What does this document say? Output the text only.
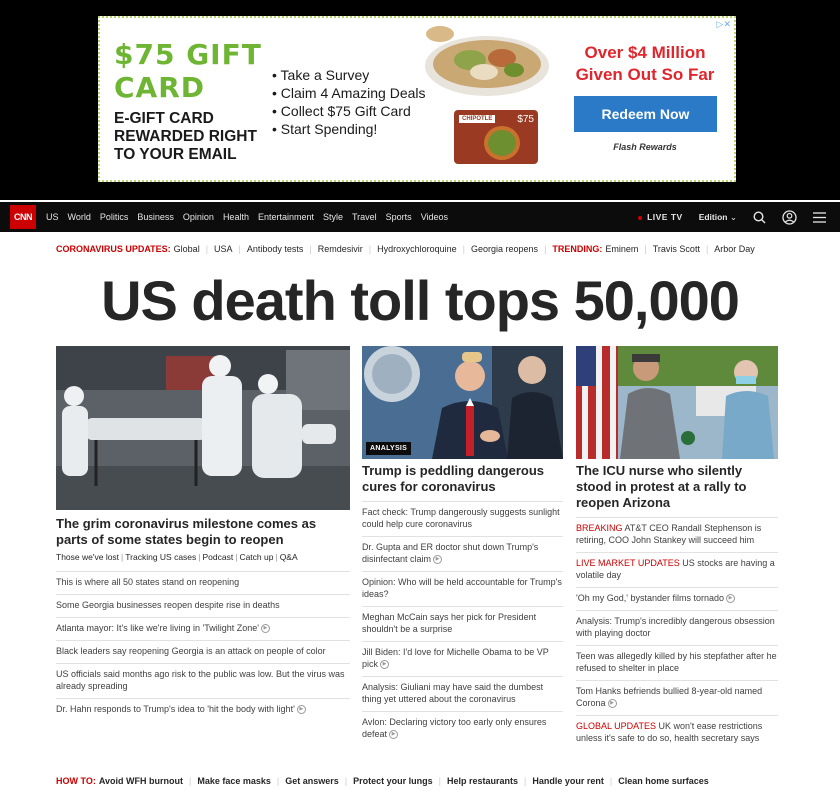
▷✕
$75 GIFT
CARD
E-GIFT CARD
REWARDED RIGHT
TO YOUR EMAIL
• Take a Survey
• Claim 4 Amazing Deals
• Collect $75 Gift Card
• Start Spending!
CHIPOTLE	$75
Over $4 Million
Given Out So Far
Redeem Now
Flash Rewards
CNN	US World Politics Business Opinion Health Entertainment Style Travel Sports Videos	LIVE TV Edition ⌄
CORONAVIRUS UPDATES: Global | USA | Antibody tests | Remdesivir | Hydroxychloroquine | Georgia reopens | TRENDING: Eminem | Travis Scott | Arbor Day
US death toll tops 50,000
The grim coronavirus milestone comes as parts of some states begin to reopen
Those we've lost | Tracking US cases | Podcast | Catch up | Q&A
This is where all 50 states stand on reopening
Some Georgia businesses reopen despite rise in deaths
Atlanta mayor: It's like we're living in 'Twilight Zone' ▶
Black leaders say reopening Georgia is an attack on people of color
US officials said months ago risk to the public was low. But the virus was already spreading
Dr. Hahn responds to Trump's idea to 'hit the body with light' ▶
ANALYSIS
Trump is peddling dangerous cures for coronavirus
Fact check: Trump dangerously suggests sunlight could help cure coronavirus
Dr. Gupta and ER doctor shut down Trump's disinfectant claim ▶
Opinion: Who will be held accountable for Trump's ideas?
Meghan McCain says her pick for President shouldn't be a surprise
Jill Biden: I'd love for Michelle Obama to be VP pick ▶
Analysis: Giuliani may have said the dumbest thing yet uttered about the coronavirus
Avlon: Declaring victory too early only ensures defeat ▶
The ICU nurse who silently stood in protest at a rally to reopen Arizona
BREAKING AT&T CEO Randall Stephenson is retiring, COO John Stankey will succeed him
LIVE MARKET UPDATES US stocks are having a volatile day
'Oh my God,' bystander films tornado ▶
Analysis: Trump's incredibly dangerous obsession with playing doctor
Teen was allegedly killed by his stepfather after he refused to shelter in place
Tom Hanks befriends bullied 8-year-old named Corona ▶
GLOBAL UPDATES UK won't ease restrictions unless it's safe to do so, health secretary says
HOW TO: Avoid WFH burnout | Make face masks | Get answers | Protect your lungs | Help restaurants | Handle your rent | Clean home surfaces
